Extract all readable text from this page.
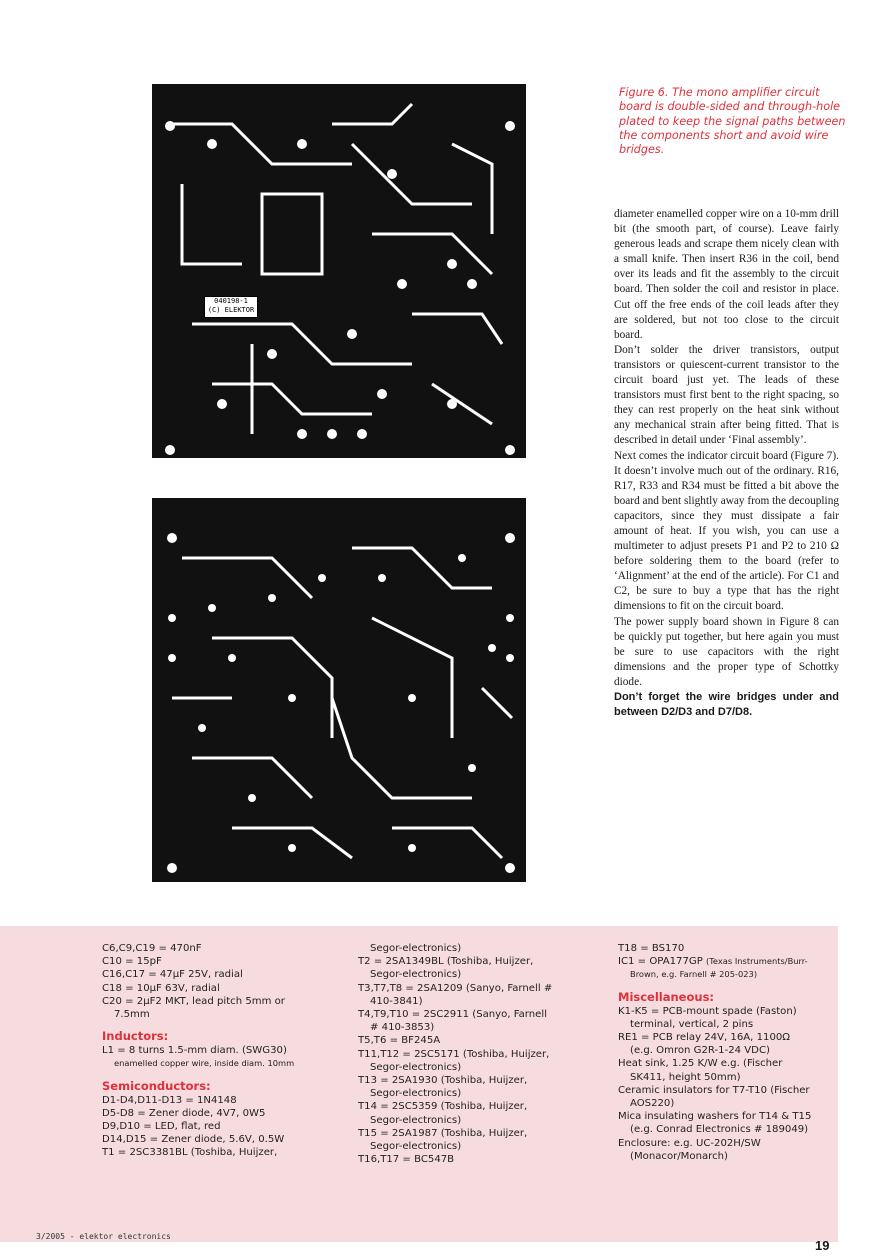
040198-1
(C) ELEKTOR
Figure 6. The mono amplifier circuit board is double-sided and through-hole plated to keep the signal paths between the components short and avoid wire bridges.

diameter enamelled copper wire on a 10-mm drill bit (the smooth part, of course). Leave fairly generous leads and scrape them nicely clean with a small knife. Then insert R36 in the coil, bend over its leads and fit the assembly to the circuit board. Then solder the coil and resistor in place. Cut off the free ends of the coil leads after they are soldered, but not too close to the circuit board.

Don’t solder the driver transistors, output transistors or quiescent-current transistor to the circuit board just yet. The leads of these transistors must first bent to the right spacing, so they can rest properly on the heat sink without any mechanical strain after being fitted. That is described in detail under ‘Final assembly’.

Next comes the indicator circuit board (Figure 7). It doesn’t involve much out of the ordinary. R16, R17, R33 and R34 must be fitted a bit above the board and bent slightly away from the decoupling capacitors, since they must dissipate a fair amount of heat. If you wish, you can use a multimeter to adjust presets P1 and P2 to 210 Ω before soldering them to the board (refer to ‘Alignment’ at the end of the article). For C1 and C2, be sure to buy a type that has the right dimensions to fit on the circuit board.

The power supply board shown in Figure 8 can be quickly put together, but here again you must be sure to use capacitors with the right dimensions and the proper type of Schottky diode.

Don’t forget the wire bridges under and between D2/D3 and D7/D8.

C6,C9,C19 = 470nF
C10 = 15pF
C16,C17 = 47µF 25V, radial
C18 = 10µF 63V, radial
C20 = 2µF2 MKT, lead pitch 5mm or
7.5mm
Inductors:
L1 = 8 turns 1.5-mm diam. (SWG30)
enamelled copper wire, inside diam. 10mm
Semiconductors:
D1-D4,D11-D13 = 1N4148
D5-D8 = Zener diode, 4V7, 0W5
D9,D10 = LED, flat, red
D14,D15 = Zener diode, 5.6V, 0.5W
T1 = 2SC3381BL (Toshiba, Huijzer,
Segor-electronics)
T2 = 2SA1349BL (Toshiba, Huijzer,
Segor-electronics)
T3,T7,T8 = 2SA1209 (Sanyo, Farnell #
410-3841)
T4,T9,T10 = 2SC2911 (Sanyo, Farnell
# 410-3853)
T5,T6 = BF245A
T11,T12 = 2SC5171 (Toshiba, Huijzer,
Segor-electronics)
T13 = 2SA1930 (Toshiba, Huijzer,
Segor-electronics)
T14 = 2SC5359 (Toshiba, Huijzer,
Segor-electronics)
T15 = 2SA1987 (Toshiba, Huijzer,
Segor-electronics)
T16,T17 = BC547B
T18 = BS170
IC1 = OPA177GP (Texas Instruments/Burr-
Brown, e.g. Farnell # 205-023)
Miscellaneous:
K1-K5 = PCB-mount spade (Faston)
terminal, vertical, 2 pins
RE1 = PCB relay 24V, 16A, 1100Ω
(e.g. Omron G2R-1-24 VDC)
Heat sink, 1.25 K/W e.g. (Fischer
SK411, height 50mm)
Ceramic insulators for T7-T10 (Fischer
AOS220)
Mica insulating washers for T14 & T15
(e.g. Conrad Electronics # 189049)
Enclosure: e.g. UC-202H/SW
(Monacor/Monarch)
3/2005 - elektor electronics
19
